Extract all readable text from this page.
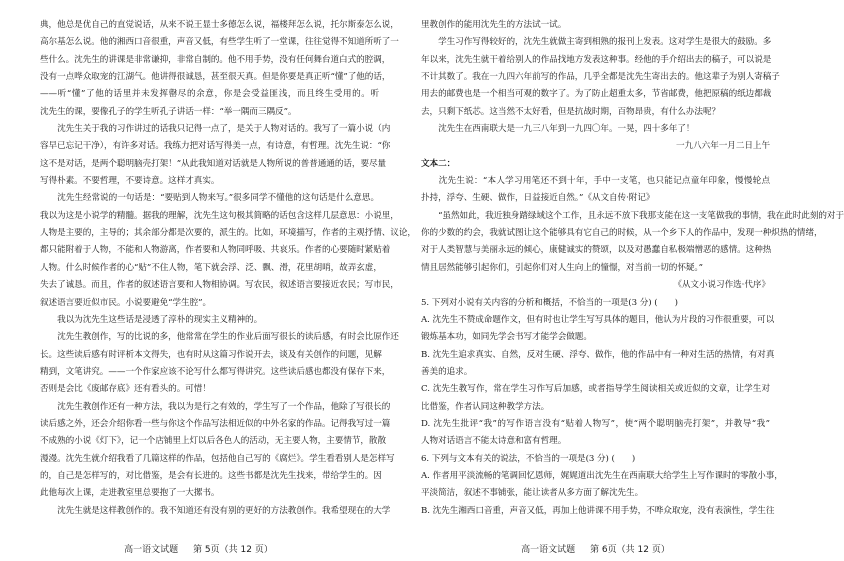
典，他总是优自己的直觉说话，从来不说王显士多德怎么说，福楼拜怎么说，托尔斯泰怎么说，
高尔基怎么说。他的湘西口音很重，声音又低，有些学生听了一堂课，往往觉得不知道所听了一
些什么。沈先生的讲课是非常谦抑，非常自制的。他不用手势，没有任何舞台道白式的腔调，
没有一点哗众取宠的江湖气。他讲得很诚恳，甚至很天真。但是你要是真正听“懂”了他的话，
——听“懂”了他的话里并未发挥罄尽的余意，你是会受益匪浅，而且终生受用的。听
沈先生的课，要像孔子的学生听孔子讲话一样：“举一隅而三隅反”。
　　沈先生关于我的习作讲过的话我只记得一点了，是关于人物对话的。我写了一篇小说（内
容早已忘记干净），有许多对话。我练力把对话写得美一点，有诗意，有哲理。沈先生说：“你
这不是对话，是两个聪明脑壳打架！”从此我知道对话就是人物所说的普普通通的话，要尽量
写得朴素。不要哲理，不要诗意。这样才真实。
　　沈先生经常说的一句话是：“要贴到人物来写。”很多同学不懂他的这句话是什么意思。
我以为这是小说学的精髓。据我的理解，沈先生这句极其简略的话包含这样几层意思：小说里，
人物是主要的，主导的；其余部分都是次要的，派生的。比如，环境描写，作者的主观抒情、议论，
都只能附着于人物，不能和人物游离，作者要和人物同呼吸、共哀乐。作者的心要随时紧贴着
人物。什么时候作者的心“贴”不住人物，笔下就会浮、泛、飘、滑，花里胡哨，故弄玄虚，
失去了诚恳。而且，作者的叙述语言要和人物相协调。写农民，叙述语言要接近农民；写市民，
叙述语言要近似市民。小说要避免“学生腔”。
　　我以为沈先生这些话是浸透了淳朴的现实主义精神的。
　　沈先生教创作，写的比说的多，他常常在学生的作业后面写很长的读后感，有时会比原作还
长。这些读后感有时评析本文得失，也有时从这篇习作说开去，谈及有关创作的问题，见解
精到，文笔讲究。——一个作家应该不论写什么都写得讲究。这些读后感也都没有保存下来，
否则是会比《废邮存底》还有看头的。可惜！
　　沈先生教创作还有一种方法，我以为是行之有效的，学生写了一个作品，他除了写很长的
读后感之外，还会介绍你看一些与你这个作品写法相近似的中外名家的作品。记得我写过一篇
不成熟的小说《灯下》，记一个店铺里上灯以后各色人的活动，无主要人物，主要情节，散散
漫漫。沈先生就介绍我看了几篇这样的作品，包括他自己写的《腐烂》。学生看看别人是怎样写
的，自己是怎样写的，对比借鉴，是会有长进的。这些书都是沈先生找来，带给学生的。因
此他每次上课，走进教室里总要抱了一大摞书。
　　沈先生就是这样教创作的。我不知道还有没有别的更好的方法教创作。我希望现在的大学
高一语文试题 第 5页（共 12 页）
里教创作的能用沈先生的方法试一试。
　　学生习作写得较好的，沈先生就做主寄到相熟的报刊上发表。这对学生是很大的鼓励。多
年以来，沈先生就干着给别人的作品找地方发表这种事。经他的手介绍出去的稿子，可以说是
不计其数了。我在一九四六年前写的作品，几乎全都是沈先生寄出去的。他这辈子为别人寄稿子
用去的邮费也是一个相当可观的数字了。为了防止超重太多，节省邮费，他把原稿的纸边都裁
去，只剩下纸芯。这当然不太好看，但是抗战时期，百物昂贵，有什么办法呢？
　　沈先生在西南联大是一九三八年到一九四〇年。一晃，四十多年了！
一九八六年一月二日上午
文本二：
　　沈先生说：“本人学习用笔还不到十年，手中一支笔，也只能记点童年印象，慢慢轮点
扑持，浮夸、生硬、做作，日益接近自然。”《从文自传·附记》
　　“虽然如此，我近独身踏绿域这个工作，且永远不放下我那支能在这一支笔做我的事情，我在此时此刻的对于
你的少数的约会，我就试图让这个能够具有它自己的时候，从一个乡下人的作品中，发现一种炽热的情绪，
对于人类智慧与美丽永远的倾心，康健诚实的赞颂，以及对愚蠢自私极端憎恶的感情。这种热
情且居然能够引起你们，引起你们对人生向上的憧憬，对当前一切的怀疑。”
《从文小说习作选·代序》
5. 下列对小说有关内容的分析和概括，不恰当的一项是(3 分) (　　)
A. 沈先生不赞成命题作文，但有时也让学生写写具体的题目，他认为片段的习作很重要，可以
锻炼基本功，如同先学会书写才能学会做题。
B. 沈先生追求真实、自然，反对生硬、浮夸、做作，他的作品中有一种对生活的热情，有对真
善美的追求。
C. 沈先生教写作，常在学生习作写后加感，或者指导学生阅读相关或近似的文章，让学生对
比借鉴，作者认同这种教学方法。
D. 沈先生批评“我”的写作语言没有“贴着人物写”，使“两个聪明脑壳打架”，并教导“我”
人物对话语言不能太诗意和富有哲理。
6. 下列与文本有关的说法，不恰当的一项是(3 分) (　　)
A. 作者用平淡流畅的笔调回忆恩师，娓娓道出沈先生在西南联大给学生上写作课时的零散小事，
平淡简洁，叙述不事铺张，能让读者从多方面了解沈先生。
B. 沈先生湘西口音重，声音又低，再加上他讲课不用手势，不哗众取宠，没有表演性，学生往
高一语文试题 第 6页（共 12 页）
